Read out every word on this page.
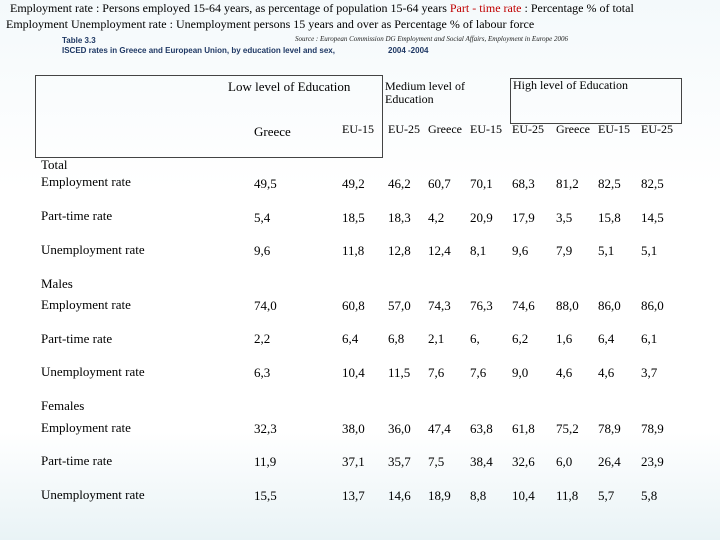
Employment rate : Persons employed 15-64 years, as percentage of population 15-64 years Part - time rate : Percentage % of total
Employment Unemployment rate : Unemployment persons 15 years and over as Percentage % of labour force
Table 3.3	Source : European Commission DG Employment and Social Affairs, Employment in Europe 2006
ISCED rates in Greece and European Union, by education level and sex,	2004 -2004
Low level of Education	Medium level of Education
High level of Education
Greece	EU-15 EU-25 Greece EU-15 EU-25 Greece EU-15 EU-25
Total
Employment rate	49,5	49,2 46,2 60,7 70,1 68,3 81,2 82,5 82,5
Part-time rate	5,4	18,5 18,3 4,2 20,9 17,9 3,5 15,8 14,5
Unemployment rate	9,6	11,8 12,8 12,4 8,1 9,6 7,9 5,1 5,1
Males
Employment rate	74,0	60,8 57,0 74,3 76,3 74,6 88,0 86,0 86,0
Part-time rate	2,2	6,4 6,8 2,1 6, 6,2 1,6 6,4 6,1
Unemployment rate	6,3	10,4 11,5 7,6 7,6 9,0 4,6 4,6 3,7
Females
Employment rate	32,3	38,0 36,0 47,4 63,8 61,8 75,2 78,9 78,9
Part-time rate	11,9	37,1 35,7 7,5 38,4 32,6 6,0 26,4 23,9
Unemployment rate	15,5	13,7 14,6 18,9 8,8 10,4 11,8 5,7 5,8
